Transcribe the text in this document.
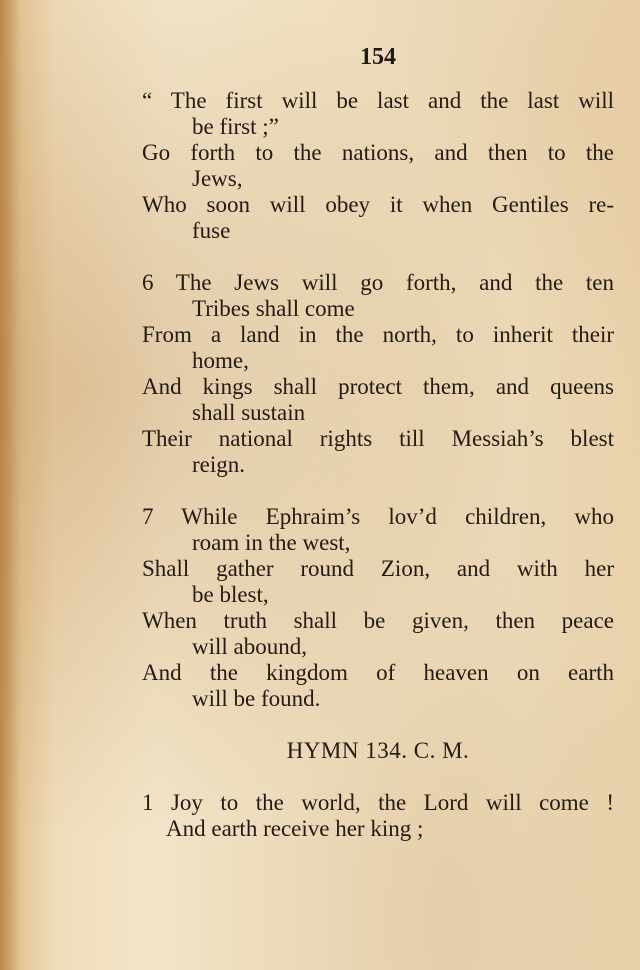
154
“ The first will be last and the last will
be first ;”
Go forth to the nations, and then to the
Jews,
Who soon will obey it when Gentiles re-
fuse
6 The Jews will go forth, and the ten
Tribes shall come
From a land in the north, to inherit their
home,
And kings shall protect them, and queens
shall sustain
Their national rights till Messiah’s blest
reign.
7 While Ephraim’s lov’d children, who
roam in the west,
Shall gather round Zion, and with her
be blest,
When truth shall be given, then peace
will abound,
And the kingdom of heaven on earth
will be found.
HYMN 134. C. M.
1 Joy to the world, the Lord will come !
And earth receive her king ;
